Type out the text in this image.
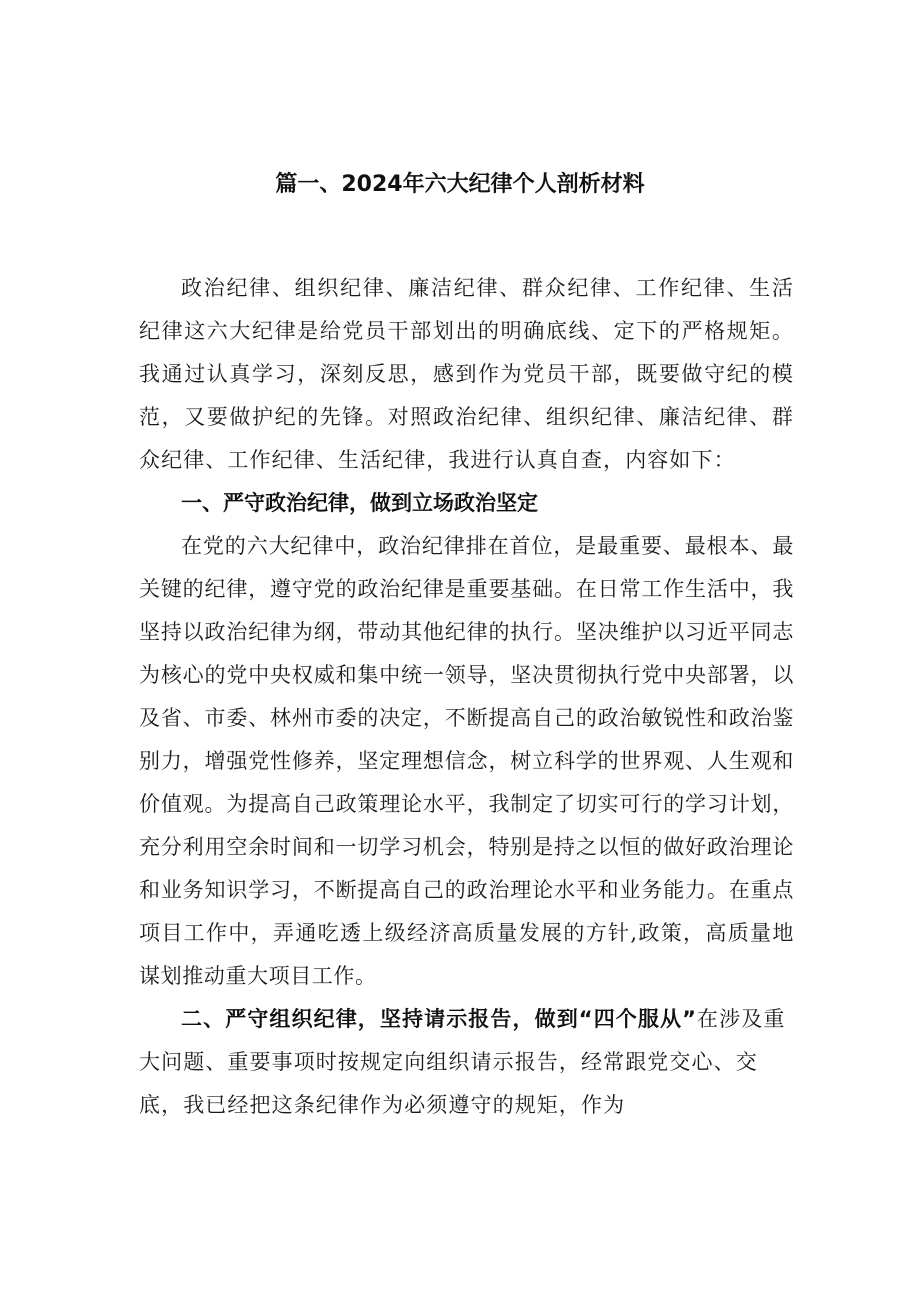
篇一、2024年六大纪律个人剖析材料

政治纪律、组织纪律、廉洁纪律、群众纪律、工作纪律、生活纪律这六大纪律是给党员干部划出的明确底线、定下的严格规矩。我通过认真学习，深刻反思，感到作为党员干部，既要做守纪的模范，又要做护纪的先锋。对照政治纪律、组织纪律、廉洁纪律、群众纪律、工作纪律、生活纪律，我进行认真自查，内容如下：

一、严守政治纪律，做到立场政治坚定

在党的六大纪律中，政治纪律排在首位，是最重要、最根本、最关键的纪律，遵守党的政治纪律是重要基础。在日常工作生活中，我坚持以政治纪律为纲，带动其他纪律的执行。坚决维护以习近平同志为核心的党中央权威和集中统一领导，坚决贯彻执行党中央部署，以及省、市委、林州市委的决定，不断提高自己的政治敏锐性和政治鉴别力，增强党性修养，坚定理想信念，树立科学的世界观、人生观和价值观。为提高自己政策理论水平，我制定了切实可行的学习计划，充分利用空余时间和一切学习机会，特别是持之以恒的做好政治理论和业务知识学习，不断提高自己的政治理论水平和业务能力。在重点项目工作中，弄通吃透上级经济高质量发展的方针,政策，高质量地谋划推动重大项目工作。

二、严守组织纪律，坚持请示报告，做到“四个服从”在涉及重大问题、重要事项时按规定向组织请示报告，经常跟党交心、交底，我已经把这条纪律作为必须遵守的规矩，作为
